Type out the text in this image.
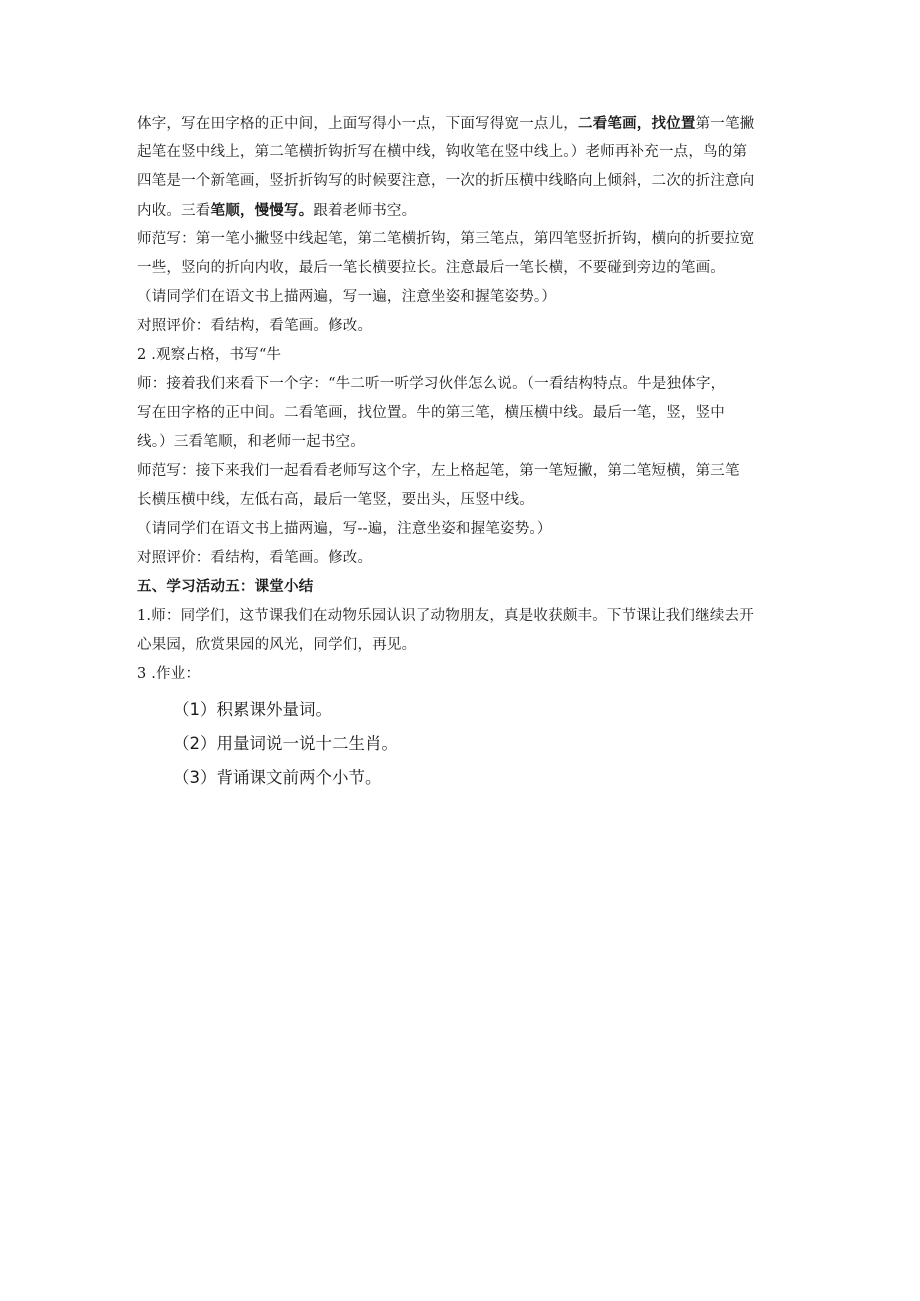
体字，写在田字格的正中间，上面写得小一点，下面写得宽一点儿，二看笔画，找位置第一笔撇
起笔在竖中线上，第二笔横折钩折写在横中线，钩收笔在竖中线上。）老师再补充一点，鸟的第
四笔是一个新笔画，竖折折钩写的时候要注意，一次的折压横中线略向上倾斜，二次的折注意向
内收。三看笔顺，慢慢写。跟着老师书空。
师范写：第一笔小撇竖中线起笔，第二笔横折钩，第三笔点，第四笔竖折折钩，横向的折要拉宽
一些，竖向的折向内收，最后一笔长横要拉长。注意最后一笔长横，不要碰到旁边的笔画。
（请同学们在语文书上描两遍，写一遍，注意坐姿和握笔姿势。）
对照评价：看结构，看笔画。修改。
2 .观察占格，书写“牛
师：接着我们来看下一个字：“牛二听一听学习伙伴怎么说。（一看结构特点。牛是独体字，
写在田字格的正中间。二看笔画，找位置。牛的第三笔，横压横中线。最后一笔，竖，竖中
线。）三看笔顺，和老师一起书空。
师范写：接下来我们一起看看老师写这个字，左上格起笔，第一笔短撇，第二笔短横，第三笔
长横压横中线，左低右高，最后一笔竖，要出头，压竖中线。
（请同学们在语文书上描两遍，写--遍，注意坐姿和握笔姿势。）
对照评价：看结构，看笔画。修改。
五、学习活动五：课堂小结
1.师：同学们，这节课我们在动物乐园认识了动物朋友，真是收获颇丰。下节课让我们继续去开
心果园，欣赏果园的风光，同学们，再见。
3 .作业：
（1）积累课外量词。
（2）用量词说一说十二生肖。
（3）背诵课文前两个小节。
